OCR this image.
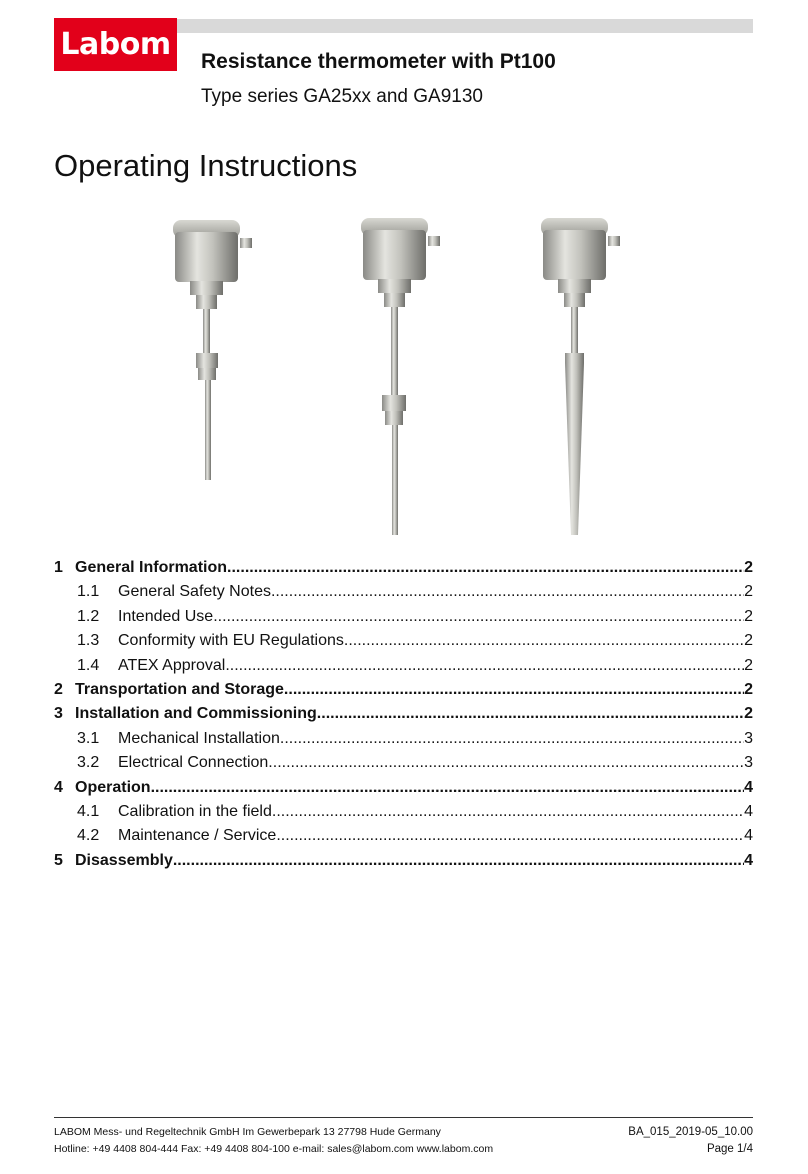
Labom Resistance thermometer with Pt100
Type series GA25xx and GA9130
Operating Instructions
1 General Information .....	2
1.1	General Safety Notes .....	2
1.2	Intended Use .....	2
1.3	Conformity with EU Regulations .....	2
1.4	ATEX Approval .....	2
2 Transportation and Storage .....	2
3 Installation and Commissioning .....	2
3.1	Mechanical Installation .....	3
3.2	Electrical Connection .....	3
4 Operation .....	4
4.1	Calibration in the field .....	4
4.2	Maintenance / Service .....	4
5 Disassembly .....	4
LABOM Mess- und Regeltechnik GmbH Im Gewerbepark 13 27798 Hude Germany
Hotline: +49 4408 804-444 Fax: +49 4408 804-100 e-mail: sales@labom.com www.labom.com
BA_015_2019-05_10.00
Page 1/4
